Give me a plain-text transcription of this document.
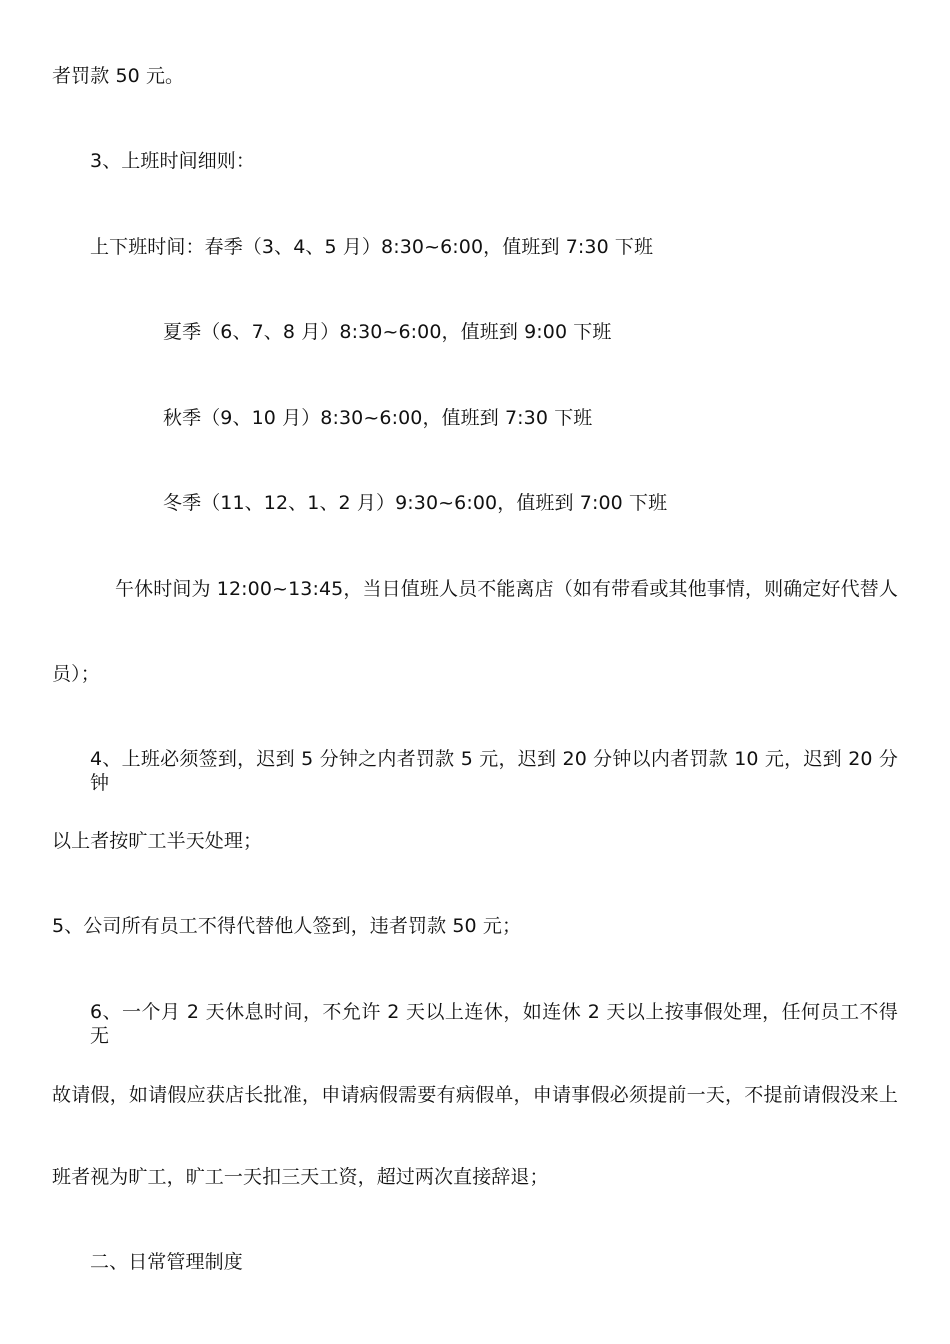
者罚款 50 元。
3、上班时间细则：
上下班时间：春季（3、4、5 月）8:30~6:00，值班到 7:30 下班
夏季（6、7、8 月）8:30~6:00，值班到 9:00 下班
秋季（9、10 月）8:30~6:00，值班到 7:30 下班
冬季（11、12、1、2 月）9:30~6:00，值班到 7:00 下班
午休时间为 12:00~13:45，当日值班人员不能离店（如有带看或其他事情，则确定好代替人
员）；
4、上班必须签到，迟到 5 分钟之内者罚款 5 元，迟到 20 分钟以内者罚款 10 元，迟到 20 分钟
以上者按旷工半天处理；
5、公司所有员工不得代替他人签到，违者罚款 50 元；
6、一个月 2 天休息时间，不允许 2 天以上连休，如连休 2 天以上按事假处理，任何员工不得无
故请假，如请假应获店长批准，申请病假需要有病假单，申请事假必须提前一天，不提前请假没来上
班者视为旷工，旷工一天扣三天工资，超过两次直接辞退；
二、日常管理制度
